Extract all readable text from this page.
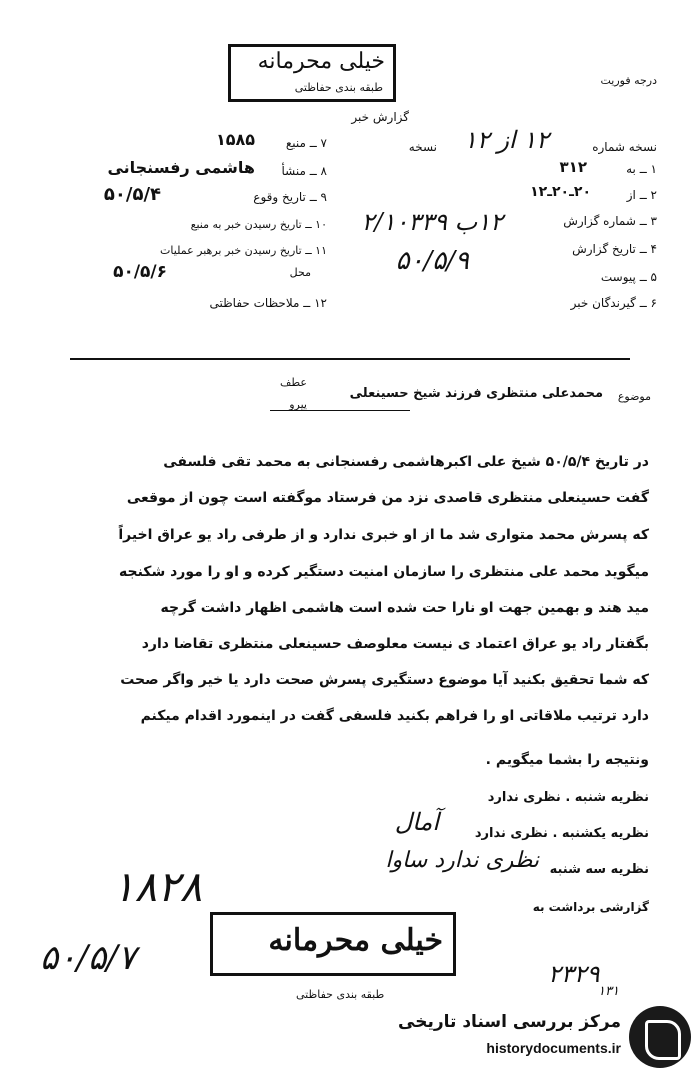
خیلی محرمانه
طبقه بندی حفاظتی
درجه فوریت
گزارش خبر
نسخه شماره
۱۲ از ۱۲
نسخه
۱ ــ به
۳۱۲
۲ ــ از
۲۰ـ۲۰ـ۱۲
۳ ــ شماره گزارش
۱۲ب ۲/۱۰۳۳۹
۴ ــ تاریخ گزارش
۵۰/۵/۹
۵ ــ پیوست
۶ ــ گیرندگان خبر
۷ ــ منبع
۱۵۸۵
۸ ــ منشأ
هاشمی رفسنجانی
۹ ــ تاریخ وقوع
۵۰/۵/۴
۱۰ ــ تاریخ رسیدن خبر به منبع
۱۱ ــ تاریخ رسیدن خبر برهبر عملیات
محل
۵۰/۵/۶
۱۲ ــ ملاحظات حفاظتی
موضوع
محمدعلی منتظری فرزند شیخ حسینعلی
عطف
پیرو
در تاریخ ۵۰/۵/۴ شیخ علی اکبرهاشمی رفسنجانی به محمد تقی فلسفی
گفت حسینعلی منتظری قاصدی نزد من فرستاد موگفته است چون از موقعی
که پسرش محمد متواری شد ما از او خبری ندارد و از طرفی راد یو عراق اخیراً
میگوید محمد علی منتظری را سازمان امنیت دستگیر کرده و او را مورد شکنجه
مید هند و بهمین جهت او نارا حت شده است هاشمی اظهار داشت گرچه
بگفتار راد یو عراق اعتماد ی نیست معلوصف حسینعلی منتظری تقاضا دارد
که شما تحقیق بکنید آیا موضوع دستگیری پسرش صحت دارد یا خیر واگر صحت
دارد ترتیب ملاقاتی او را فراهم بکنید فلسفی گفت در اینمورد اقدام میکنم
ونتیجه را بشما میگویم .
نظریه شنبه . نظری ندارد
نظریه یکشنبه . نظری ندارد
آمال
نظریه سه شنبه
نظری ندارد ساوا
گزارشی برداشت به
۱۸۲۸
۵۰/۵/۷	۲۳۲۹
۱۳۱
خیلی محرمانه
طبقه بندی حفاظتی
مرکز بررسی اسناد تاریخی
historydocuments.ir
